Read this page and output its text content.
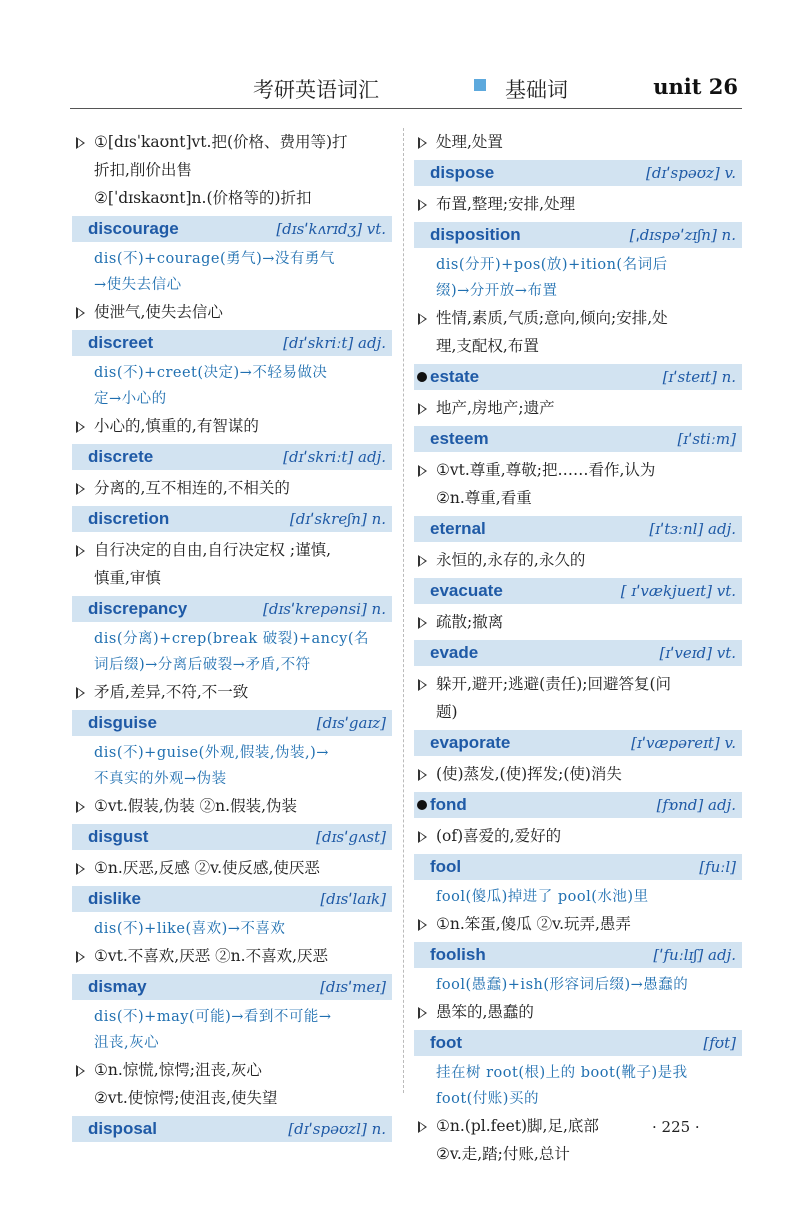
考研英语词汇	基础词	unit 26
①[dɪsˈkaʊnt]vt.把(价格、费用等)打
折扣,削价出售
②[ˈdɪskaʊnt]n.(价格等的)折扣
discourage	[dɪsˈkʌrɪdʒ] vt.
dis(不)+courage(勇气)→没有勇气
→使失去信心
使泄气,使失去信心
discreet	[dɪˈskriːt] adj.
dis(不)+creet(决定)→不轻易做决
定→小心的
小心的,慎重的,有智谋的
discrete	[dɪˈskriːt] adj.
分离的,互不相连的,不相关的
discretion	[dɪˈskreʃn] n.
自行决定的自由,自行决定权 ;谨慎,
慎重,审慎
discrepancy	[dɪsˈkrepənsi] n.
dis(分离)+crep(break 破裂)+ancy(名
词后缀)→分离后破裂→矛盾,不符
矛盾,差异,不符,不一致
disguise	[dɪsˈgaɪz]
dis(不)+guise(外观,假装,伪装,)→
不真实的外观→伪装
①vt.假装,伪装 ②n.假装,伪装
disgust	[dɪsˈgʌst]
①n.厌恶,反感 ②v.使反感,使厌恶
dislike	[dɪsˈlaɪk]
dis(不)+like(喜欢)→不喜欢
①vt.不喜欢,厌恶 ②n.不喜欢,厌恶
dismay	[dɪsˈmeɪ]
dis(不)+may(可能)→看到不可能→
沮丧,灰心
①n.惊慌,惊愕;沮丧,灰心
②vt.使惊愕;使沮丧,使失望
disposal	[dɪˈspəʊzl] n.
处理,处置
dispose	[dɪˈspəʊz] v.
布置,整理;安排,处理
disposition	[ˌdɪspəˈzɪʃn] n.
dis(分开)+pos(放)+ition(名词后
缀)→分开放→布置
性情,素质,气质;意向,倾向;安排,处
理,支配权,布置
estate	[ɪˈsteɪt] n.
地产,房地产;遗产
esteem	[ɪˈstiːm]
①vt.尊重,尊敬;把……看作,认为
②n.尊重,看重
eternal	[ɪˈtɜːnl] adj.
永恒的,永存的,永久的
evacuate	[ ɪˈvækjueɪt] vt.
疏散;撤离
evade	[ɪˈveɪd] vt.
躲开,避开;逃避(责任);回避答复(问
题)
evaporate	[ɪˈvæpəreɪt] v.
(使)蒸发,(使)挥发;(使)消失
fond	[fɒnd] adj.
(of)喜爱的,爱好的
fool	[fuːl]
fool(傻瓜)掉进了 pool(水池)里
①n.笨蛋,傻瓜 ②v.玩弄,愚弄
foolish	[ˈfuːlɪʃ] adj.
fool(愚蠢)+ish(形容词后缀)→愚蠢的
愚笨的,愚蠢的
foot	[fʊt]
挂在树 root(根)上的 boot(靴子)是我
foot(付账)买的
①n.(pl.feet)脚,足,底部
②v.走,踏;付账,总计
· 225 ·
